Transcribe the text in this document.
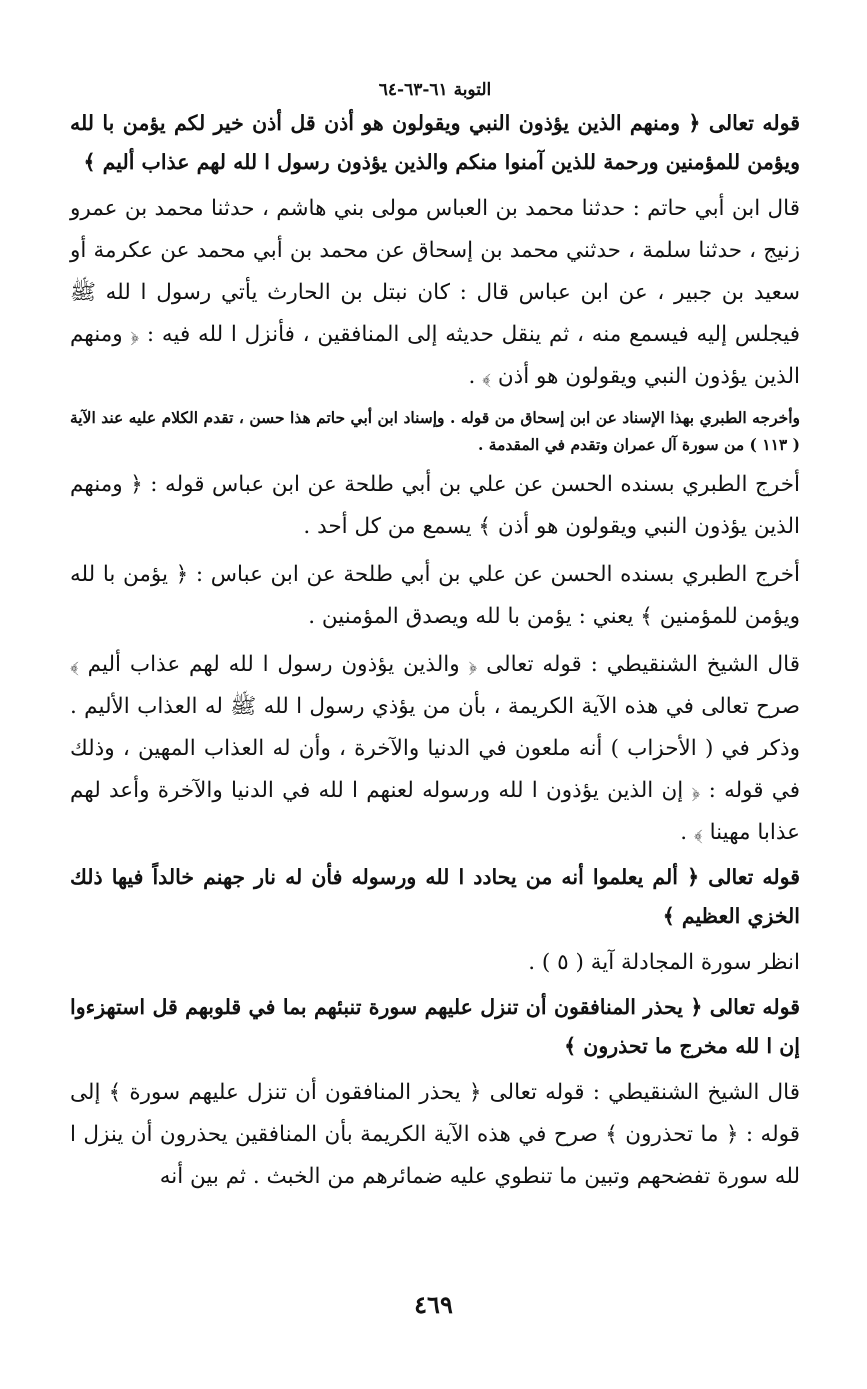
التوبة ٦١-٦٣-٦٤

قوله تعالى ﴿ ومنهم الذين يؤذون النبي ويقولون هو أذن قل أذن خير لكم يؤمن با لله ويؤمن للمؤمنين ورحمة للذين آمنوا منكم والذين يؤذون رسول ا لله لهم عذاب أليم ﴾

قال ابن أبي حاتم : حدثنا محمد بن العباس مولى بني هاشم ، حدثنا محمد بن عمرو زنيج ، حدثنا سلمة ، حدثني محمد بن إسحاق عن محمد بن أبي محمد عن عكرمة أو سعيد بن جبير ، عن ابن عباس قال : كان نبتل بن الحارث يأتي رسول ا لله ﷺ فيجلس إليه فيسمع منه ، ثم ينقل حديثه إلى المنافقين ، فأنزل ا لله فيه : ﴿ ومنهم الذين يؤذون النبي ويقولون هو أذن ﴾ .

وأخرجه الطبري بهذا الإسناد عن ابن إسحاق من قوله . وإسناد ابن أبي حاتم هذا حسن ، تقدم الكلام عليه عند الآية ( ١١٣ ) من سورة آل عمران وتقدم في المقدمة .

أخرج الطبري بسنده الحسن عن علي بن أبي طلحة عن ابن عباس قوله : ﴿ ومنهم الذين يؤذون النبي ويقولون هو أذن ﴾ يسمع من كل أحد .

أخرج الطبري بسنده الحسن عن علي بن أبي طلحة عن ابن عباس : ﴿ يؤمن با لله ويؤمن للمؤمنين ﴾ يعني : يؤمن با لله ويصدق المؤمنين .

قال الشيخ الشنقيطي : قوله تعالى ﴿ والذين يؤذون رسول ا لله لهم عذاب أليم ﴾ صرح تعالى في هذه الآية الكريمة ، بأن من يؤذي رسول ا لله ﷺ له العذاب الأليم . وذكر في ( الأحزاب ) أنه ملعون في الدنيا والآخرة ، وأن له العذاب المهين ، وذلك في قوله : ﴿ إن الذين يؤذون ا لله ورسوله لعنهم ا لله في الدنيا والآخرة وأعد لهم عذابا مهينا ﴾ .

قوله تعالى ﴿ ألم يعلموا أنه من يحادد ا لله ورسوله فأن له نار جهنم خالداً فيها ذلك الخزي العظيم ﴾

انظر سورة المجادلة آية ( ٥ ) .

قوله تعالى ﴿ يحذر المنافقون أن تنزل عليهم سورة تنبئهم بما في قلوبهم قل استهزءوا إن ا لله مخرج ما تحذرون ﴾

قال الشيخ الشنقيطي : قوله تعالى ﴿ يحذر المنافقون أن تنزل عليهم سورة ﴾ إلى قوله : ﴿ ما تحذرون ﴾ صرح في هذه الآية الكريمة بأن المنافقين يحذرون أن ينزل ا لله سورة تفضحهم وتبين ما تنطوي عليه ضمائرهم من الخبث . ثم بين أنه

٤٦٩
